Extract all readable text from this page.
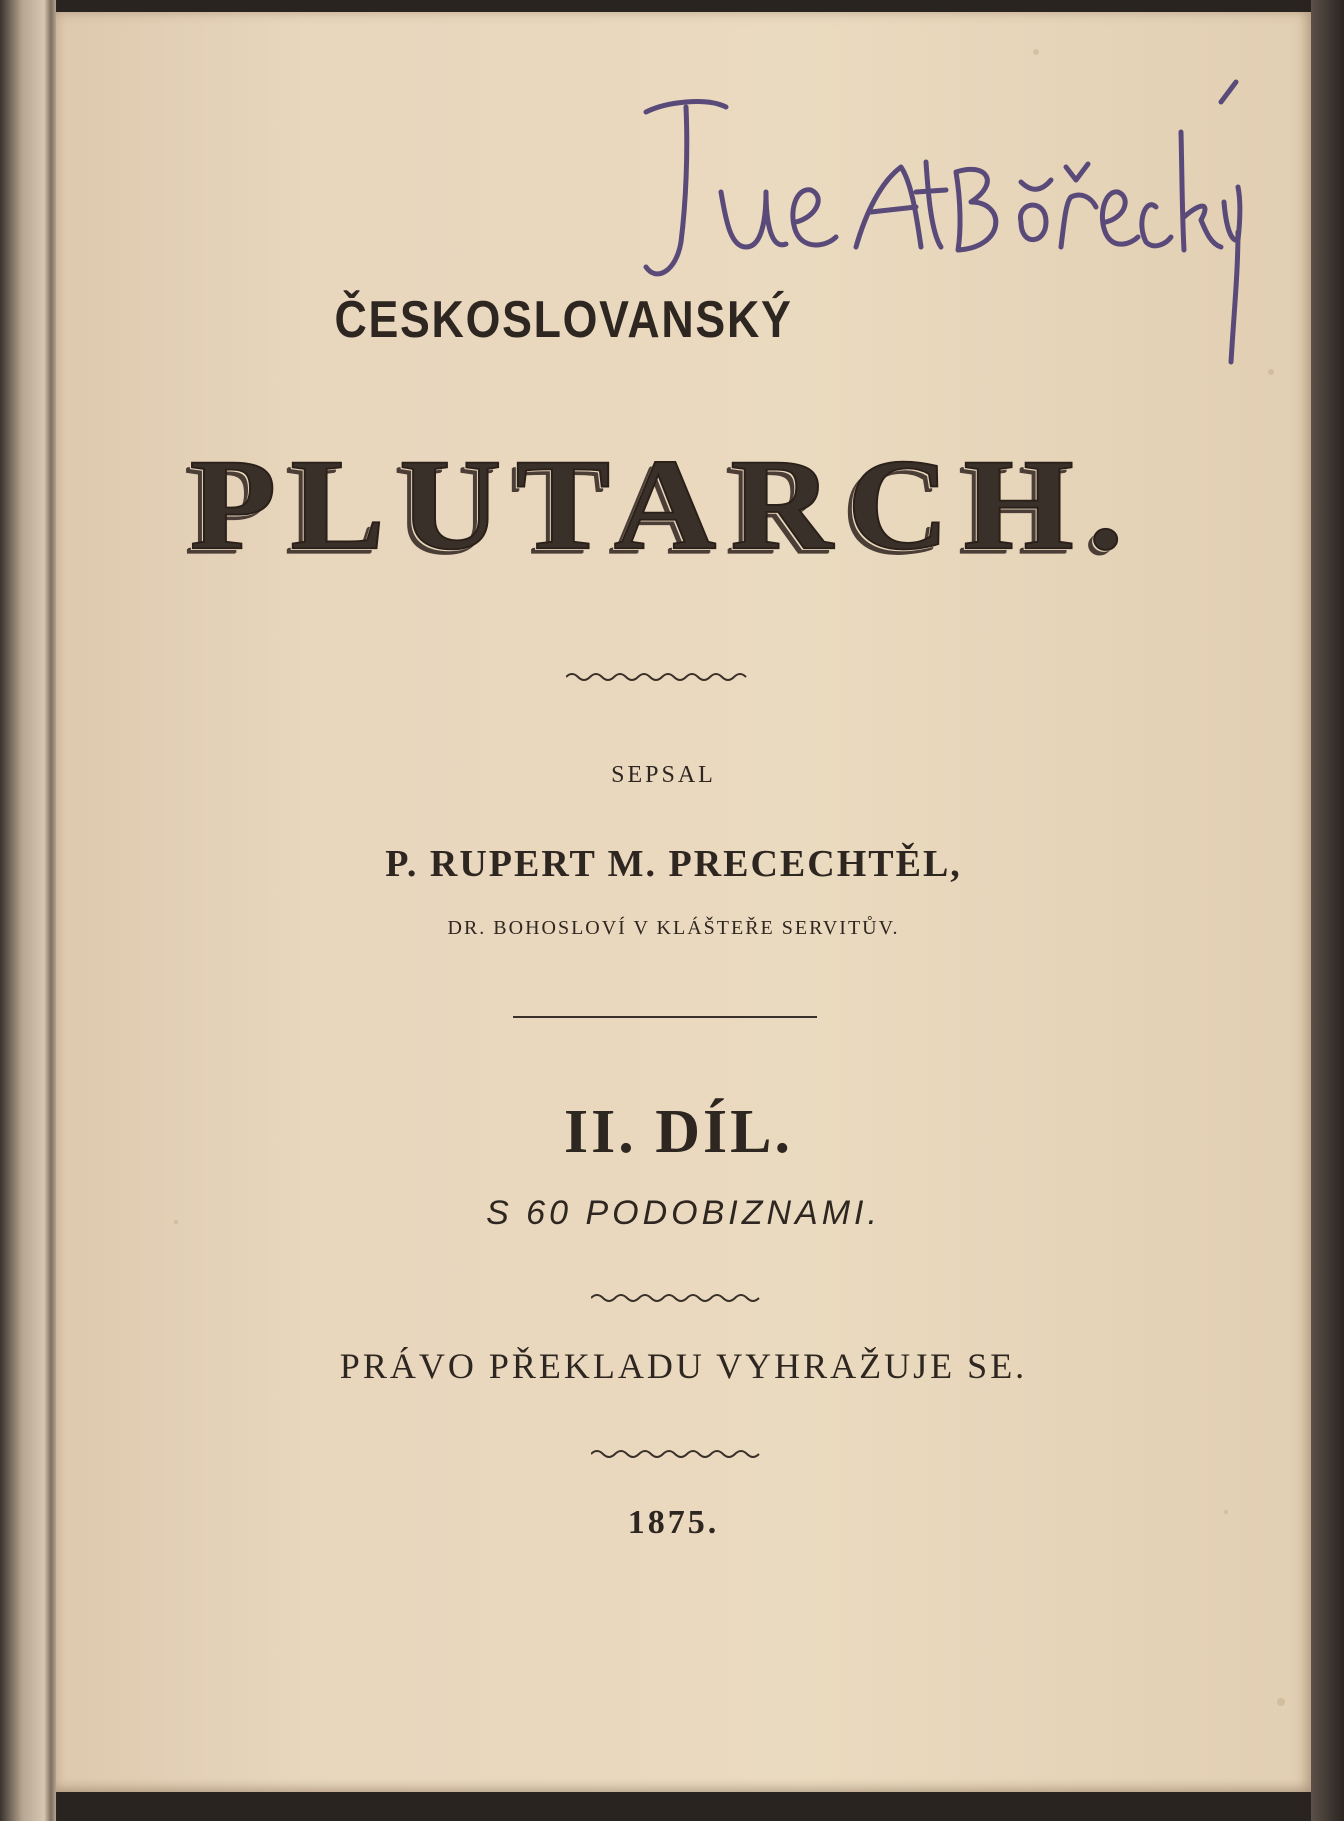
ČESKOSLOVANSKÝ
PLUTARCH.
SEPSAL
P. RUPERT M. PRECECHTĚL,
DR. BOHOSLOVÍ V KLÁŠTEŘE SERVITŮV.
II. DÍL.
S 60 PODOBIZNAMI.
PRÁVO PŘEKLADU VYHRAŽUJE SE.
1875.
